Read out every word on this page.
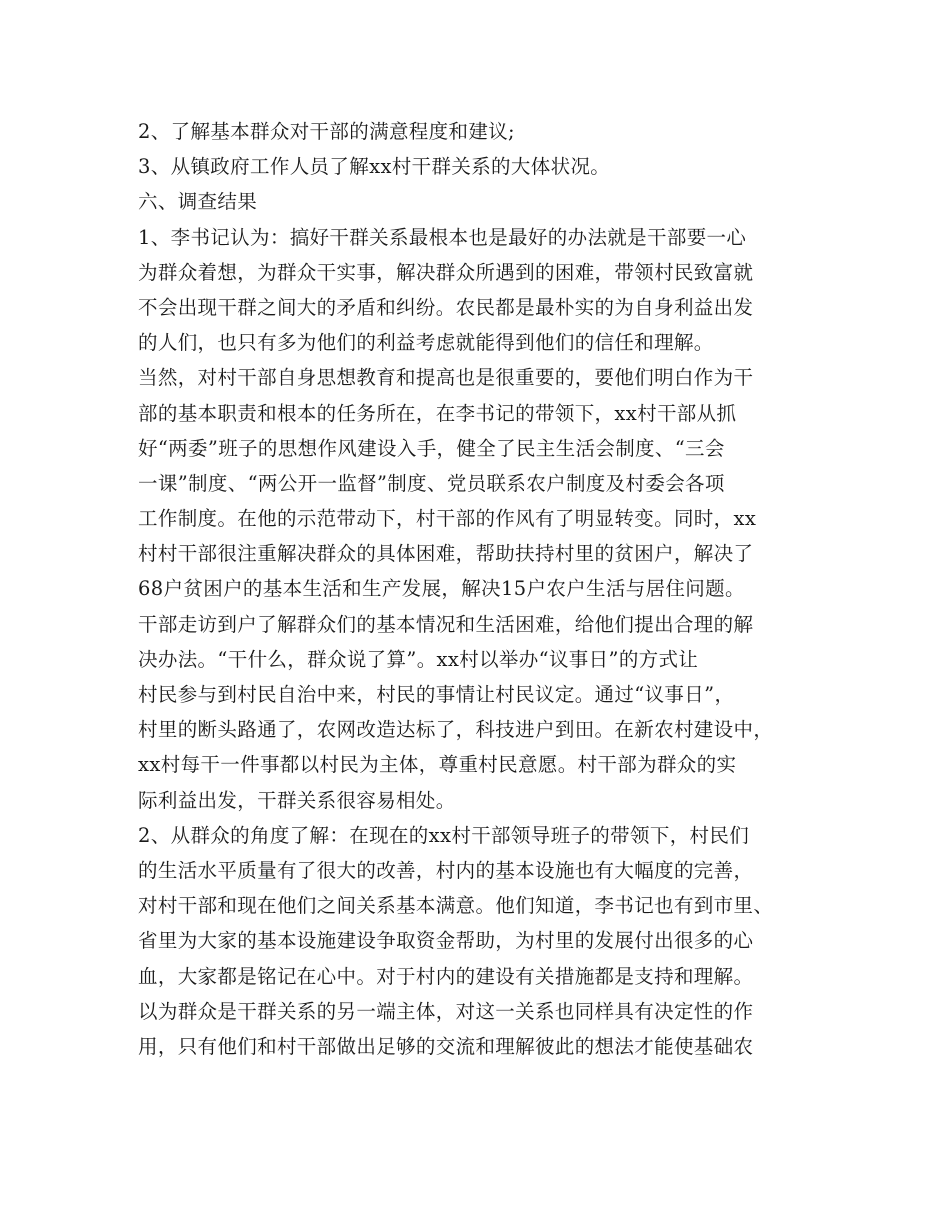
2、了解基本群众对干部的满意程度和建议;
3、从镇政府工作人员了解xx村干群关系的大体状况。
六、调查结果
1、李书记认为：搞好干群关系最根本也是最好的办法就是干部要一心
为群众着想，为群众干实事，解决群众所遇到的困难，带领村民致富就
不会出现干群之间大的矛盾和纠纷。农民都是最朴实的为自身利益出发
的人们，也只有多为他们的利益考虑就能得到他们的信任和理解。
当然，对村干部自身思想教育和提高也是很重要的，要他们明白作为干
部的基本职责和根本的任务所在，在李书记的带领下，xx村干部从抓
好“两委”班子的思想作风建设入手，健全了民主生活会制度、“三会
一课”制度、“两公开一监督”制度、党员联系农户制度及村委会各项
工作制度。在他的示范带动下，村干部的作风有了明显转变。同时，xx
村村干部很注重解决群众的具体困难，帮助扶持村里的贫困户，解决了
68户贫困户的基本生活和生产发展，解决15户农户生活与居住问题。
干部走访到户了解群众们的基本情况和生活困难，给他们提出合理的解
决办法。“干什么，群众说了算”。xx村以举办“议事日”的方式让
村民参与到村民自治中来，村民的事情让村民议定。通过“议事日”，
村里的断头路通了，农网改造达标了，科技进户到田。在新农村建设中，
xx村每干一件事都以村民为主体，尊重村民意愿。村干部为群众的实
际利益出发，干群关系很容易相处。
2、从群众的角度了解：在现在的xx村干部领导班子的带领下，村民们
的生活水平质量有了很大的改善，村内的基本设施也有大幅度的完善，
对村干部和现在他们之间关系基本满意。他们知道，李书记也有到市里、
省里为大家的基本设施建设争取资金帮助，为村里的发展付出很多的心
血，大家都是铭记在心中。对于村内的建设有关措施都是支持和理解。
以为群众是干群关系的另一端主体，对这一关系也同样具有决定性的作
用，只有他们和村干部做出足够的交流和理解彼此的想法才能使基础农
